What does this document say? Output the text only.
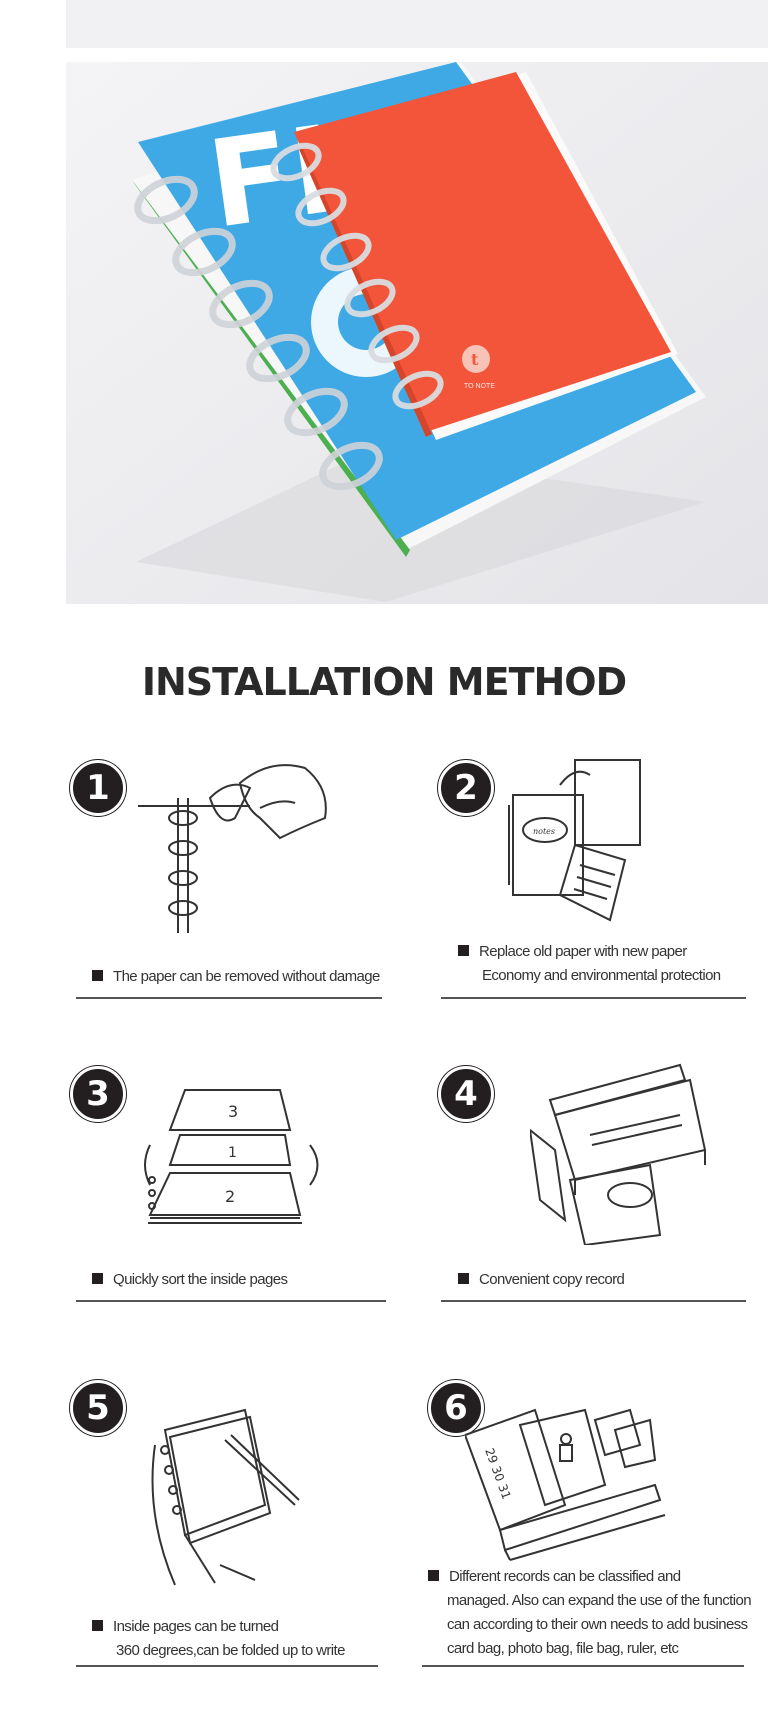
t
TO NOTE
INSTALLATION METHOD
1
The paper can be removed without damage
2
notes
Replace old paper with new paper
Economy and environmental protection
3	3
1
2
Quickly sort the inside pages
4
Convenient copy record
5
Inside pages can be turned
360 degrees,can be folded up to write
6
29 30 31
Different records can be classified and
managed. Also can expand the use of the function
can according to their own needs to add business
card bag, photo bag, file bag, ruler, etc
